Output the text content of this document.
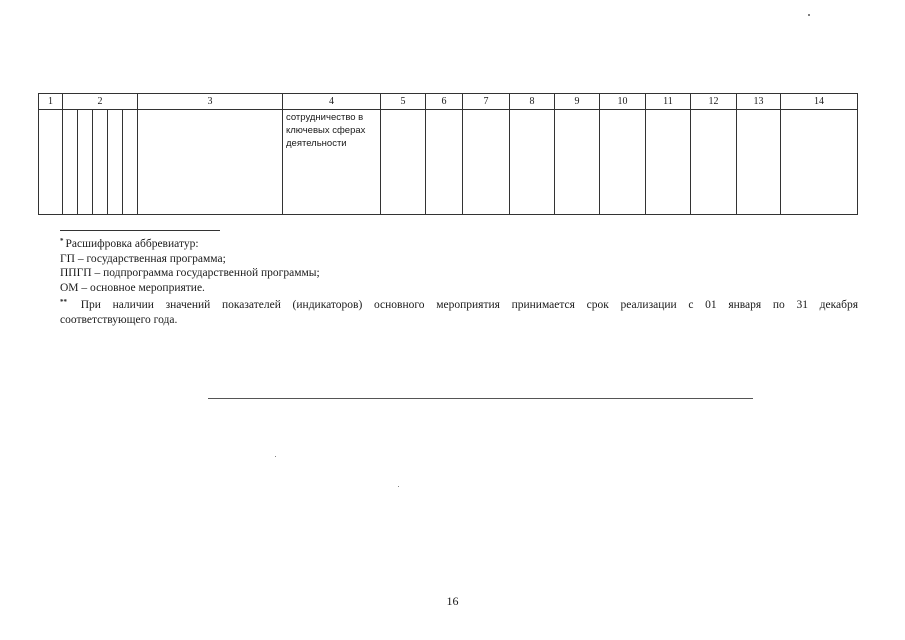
1	2	3	4	5	6	7	8	9	10	11	12	13	14

			сотрудничество в
ключевых сферах
деятельности										

* Расшифровка аббревиатур:
ГП – государственная программа;
ППГП – подпрограмма государственной программы;
ОМ – основное мероприятие.
** При наличии значений показателей (индикаторов) основного мероприятия принимается срок реализации с 01 января по 31 декабря
соответствующего года.
16
